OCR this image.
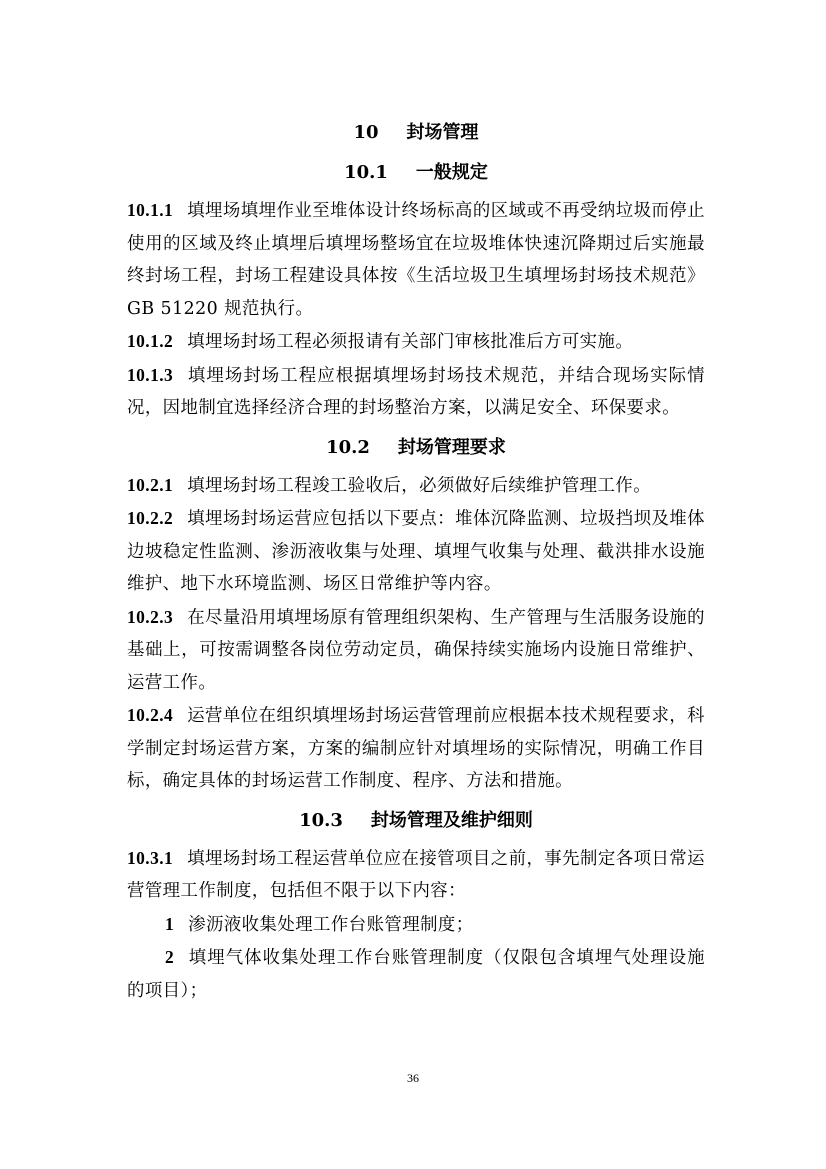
10 封场管理
10.1 一般规定

10.1.1 填埋场填埋作业至堆体设计终场标高的区域或不再受纳垃圾而停止使用的区域及终止填埋后填埋场整场宜在垃圾堆体快速沉降期过后实施最终封场工程，封场工程建设具体按《生活垃圾卫生填埋场封场技术规范》GB 51220 规范执行。

10.1.2 填埋场封场工程必须报请有关部门审核批准后方可实施。

10.1.3 填埋场封场工程应根据填埋场封场技术规范，并结合现场实际情况，因地制宜选择经济合理的封场整治方案，以满足安全、环保要求。

10.2 封场管理要求

10.2.1 填埋场封场工程竣工验收后，必须做好后续维护管理工作。

10.2.2 填埋场封场运营应包括以下要点：堆体沉降监测、垃圾挡坝及堆体边坡稳定性监测、渗沥液收集与处理、填埋气收集与处理、截洪排水设施维护、地下水环境监测、场区日常维护等内容。

10.2.3 在尽量沿用填埋场原有管理组织架构、生产管理与生活服务设施的基础上，可按需调整各岗位劳动定员，确保持续实施场内设施日常维护、运营工作。

10.2.4 运营单位在组织填埋场封场运营管理前应根据本技术规程要求，科学制定封场运营方案，方案的编制应针对填埋场的实际情况，明确工作目标，确定具体的封场运营工作制度、程序、方法和措施。

10.3 封场管理及维护细则

10.3.1 填埋场封场工程运营单位应在接管项目之前，事先制定各项日常运营管理工作制度，包括但不限于以下内容：

1 渗沥液收集处理工作台账管理制度；

2 填埋气体收集处理工作台账管理制度（仅限包含填埋气处理设施的项目）；

36
